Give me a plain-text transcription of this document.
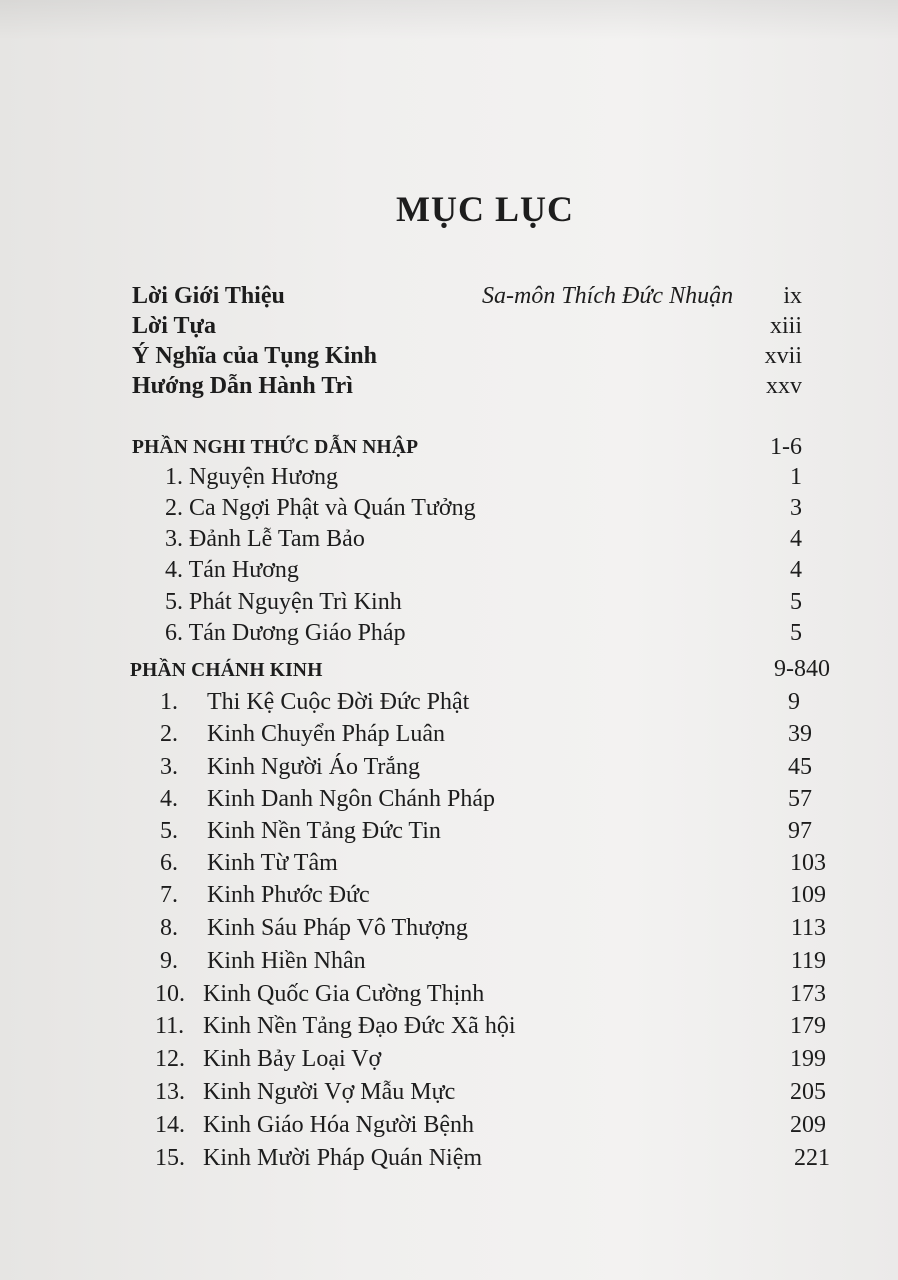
MỤC LỤC
Lời Giới Thiệu	Sa-môn Thích Đức Nhuận ix
Lời Tựa	xiii
Ý Nghĩa của Tụng Kinh	xvii
Hướng Dẫn Hành Trì	xxv
PHẦN NGHI THỨC DẪN NHẬP	1-6
1. Nguyện Hương	1
2. Ca Ngợi Phật và Quán Tưởng	3
3. Đảnh Lễ Tam Bảo	4
4. Tán Hương	4
5. Phát Nguyện Trì Kinh	5
6. Tán Dương Giáo Pháp	5
PHẦN CHÁNH KINH	9-840
1. Thi Kệ Cuộc Đời Đức Phật	9
2. Kinh Chuyển Pháp Luân	39
3. Kinh Người Áo Trắng	45
4. Kinh Danh Ngôn Chánh Pháp	57
5. Kinh Nền Tảng Đức Tin	97
6. Kinh Từ Tâm	103
7. Kinh Phước Đức	109
8. Kinh Sáu Pháp Vô Thượng	113
9. Kinh Hiền Nhân	119
10. Kinh Quốc Gia Cường Thịnh	173
11. Kinh Nền Tảng Đạo Đức Xã hội	179
12. Kinh Bảy Loại Vợ	199
13. Kinh Người Vợ Mẫu Mực	205
14. Kinh Giáo Hóa Người Bệnh	209
15. Kinh Mười Pháp Quán Niệm	221
